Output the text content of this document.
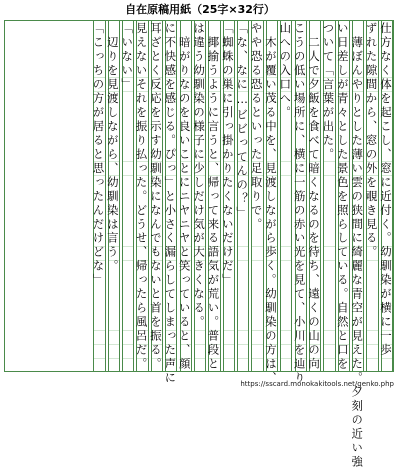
自在原稿用紙（25字×32行）
仕方なく体を起こし、窓に近付く。幼馴染が横に一歩
ずれた隙間から、窓の外を覗き見る。
　薄ぼんやりとした薄い雲の狭間に綺麗な青空が見えた。夕刻の近い強
い日差しが青々とした景色を照らしている。自然と口を
ついて「言葉が出た。
　二人で夕飯を食べて暗くなるのを待ち、遠くの山の向
こうの低い場所に、横に一筋の赤い光を見て、小川を辿り
山への入口へ。
　木が覆い茂る中を、見渡しながら歩く。幼馴染の方は、
やや恐る恐るといった足取りで。
「な、なに…ビビってんの？」
「蜘蛛の巣に引っ掛かりたくないだけだ」
　揶揄うように言うと、帰って来る語気が荒い。普段と
は違う幼馴染の様子に少しだけ気が大きくなる。
　暗がりなのを良いことにニヤニヤと笑っていると、顔
に不快感を感じる。ぴっ」と小さく漏らしてしまった声に
耳ざとく反応を示す幼馴染になんでもないと首を振る。
見えないそれを振り払った。どうせ、帰ったら風呂だ。
「いない」
　辺りを見渡しながら、幼馴染は言う。
「こっちの方が居ると思ったんだけどな」
https://sscard.monokakitools.net/genko.php
